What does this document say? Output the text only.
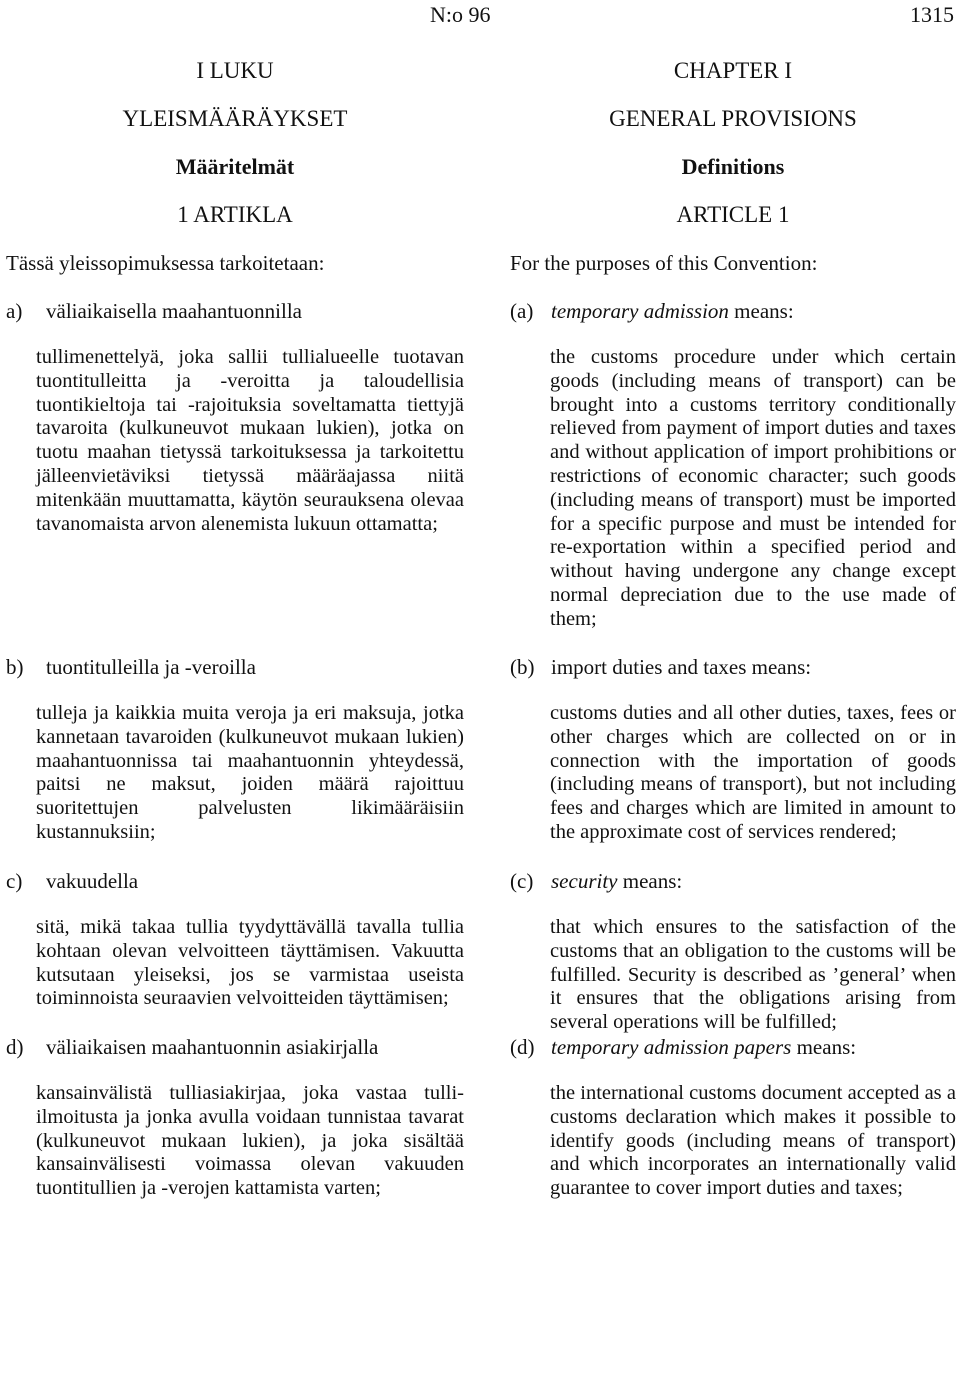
N:o 96	1315
I LUKU
YLEISMÄÄRÄYKSET
Määritelmät
1 ARTIKLA
Tässä yleissopimuksessa tarkoitetaan:
a) väliaikaisella maahantuonnilla
tullimenettelyä, joka sallii tullialueelle tuotavan tuontitulleitta ja -veroitta ja taloudellisia tuontikieltoja tai -rajoituksia soveltamatta tiettyjä tavaroita (kulkuneuvot mukaan lukien), jotka on tuotu maahan tietyssä tarkoituksessa ja tarkoitettu jälleenvietäviksi tietyssä määräajassa niitä mitenkään muuttamatta, käytön seurauksena olevaa tavanomaista arvon alenemista lukuun ottamatta;
b) tuontitulleilla ja -veroilla
tulleja ja kaikkia muita veroja ja eri maksuja, jotka kannetaan tavaroiden (kulkuneuvot mukaan lukien) maahantuonnissa tai maahantuonnin yhteydessä, paitsi ne maksut, joiden määrä rajoittuu suoritettujen palvelusten likimääräisiin kustannuksiin;
c) vakuudella
sitä, mikä takaa tullia tyydyttävällä tavalla tullia kohtaan olevan velvoitteen täyttämisen. Vakuutta kutsutaan yleiseksi, jos se varmistaa useista toiminnoista seuraavien velvoitteiden täyttämisen;
d) väliaikaisen maahantuonnin asiakirjalla
kansainvälistä tulliasiakirjaa, joka vastaa tulli-ilmoitusta ja jonka avulla voidaan tunnistaa tavarat (kulkuneuvot mukaan lukien), ja joka sisältää kansainvälisesti voimassa olevan vakuuden tuontitullien ja -verojen kattamista varten;
CHAPTER I
GENERAL PROVISIONS
Definitions
ARTICLE 1
For the purposes of this Convention:
(a) temporary admission means:
the customs procedure under which certain goods (including means of transport) can be brought into a customs territory conditionally relieved from payment of import duties and taxes and without application of import prohibitions or restrictions of economic character; such goods (including means of transport) must be imported for a specific purpose and must be intended for re-exportation within a specified period and without having undergone any change except normal depreciation due to the use made of them;
(b) import duties and taxes means:
customs duties and all other duties, taxes, fees or other charges which are collected on or in connection with the importation of goods (including means of transport), but not including fees and charges which are limited in amount to the approximate cost of services rendered;
(c) security means:
that which ensures to the satisfaction of the customs that an obligation to the customs will be fulfilled. Security is described as ’general’ when it ensures that the obligations arising from several operations will be fulfilled;
(d) temporary admission papers means:
the international customs document accepted as a customs declaration which makes it possible to identify goods (including means of transport) and which incorporates an internationally valid guarantee to cover import duties and taxes;
